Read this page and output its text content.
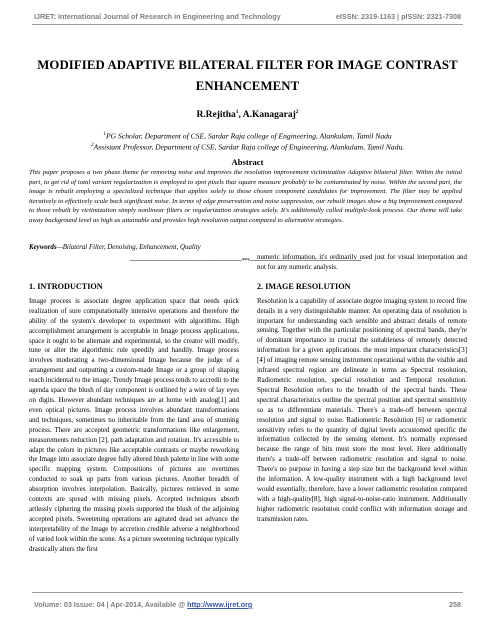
IJRET: International Journal of Research in Engineering and Technology	eISSN: 2319-1163 | pISSN: 2321-7308
MODIFIED ADAPTIVE BILATERAL FILTER FOR IMAGE CONTRAST
ENHANCEMENT
R.Rejitha$^1$, A.Kanagaraj$^2$
$^1$PG Scholar, Department of CSE, Sardar Raja college of Engineering, Alankulam, Tamil Nadu
$^2$Assistant Professor, Department of CSE, Sardar Raja college of Engineering, Alankulam, Tamil Nadu.
Abstract
This paper proposes a two phase theme for removing noise and improves the resolution improvement victimization Adaptive bilateral filter. Within the initial part, to get rid of total variant regularization is employed to spot pixels that square measure probably to be contaminated by noise. Within the second part, the image is rebuilt employing a specialized technique that applies solely to those chosen component candidates for improvement. The filter may be applied iteratively to effectively scale back significant noise. In terms of edge preservation and noise suppression, our rebuilt images show a big improvement compared to those rebuilt by victimization simply nonlinear filters or regularization strategies solely. It's additionally called multiple-look process. Our theme will take away background level as high as attainable and provides high resolution output compared to alternative strategies.
Keywords—Bilateral Filter, Denoising, Enhancement, Quality
----------------------------------------------------------------------***----------------------------------------------------------------------
1. INTRODUCTION
Image process is associate degree application space that needs quick realization of sure computationally intensive operations and therefore the ability of the system's developer to experiment with algorithms. High accomplishment arrangement is acceptable in Image process applications, space it ought to be alternate and experimental, so the creator will modify, tune or alter the algorithmic rule speedily and handily. Image process involves moderating a two-dimensional Image because the judge of a arrangement and outputting a custom-made Image or a group of shaping reach incidental to the image. Trendy Image process tends to accredit to the agenda space the blush of day component is outlined by a wire of lay eyes on digits. However abundant techniques are at home with analog[1] and even optical pictures. Image process involves abundant transformations and techniques, sometimes no inheritable from the land area of stunning process. There are accepted geometric transformations like enlargement, measurements reduction [2], path adaptation and rotation. It's accessible to adapt the colors in pictures like acceptable contrasts or maybe reworking the Image into associate degree fully altered blush palette in line with some specific mapping system. Compositions of pictures are overtimes conducted to soak up parts from various pictures. Another breadth of absorption involves interpolation. Basically, pictures retrieved in some contexts are spread with missing pixels. Accepted techniques absorb artlessly ciphering the missing pixels supported the blush of the adjoining accepted pixels. Sweetening operations are agitated dead set advance the interpretability of the Image by accretion credible adverse a neighborhood of varied look within the scene. As a picture sweetening technique typically drastically alters the first
numeric information, it's ordinarily used just for visual interpretation and not for any numeric analysis.
2. IMAGE RESOLUTION
Resolution is a capability of associate degree imaging system to record fine details in a very distinguishable manner. An operating data of resolution is important for understanding each sensible and abstract details of remote sensing. Together with the particular positioning of spectral bands, they're of dominant importance in crucial the suitableness of remotely detected information for a given applications. the most important characteristics[3][4] of imaging remote sensing instrument operational within the visible and infrared spectral region are delineate in terms as Spectral resolution, Radiometric resolution, special resolution and Temporal resolution. Spectral Resolution refers to the breadth of the spectral bands. These spectral characteristics outline the spectral position and spectral sensitivity so as to differentiate materials. There's a trade-off between spectral resolution and signal to noise. Radiometric Resolution [6] or radiometric sensitivity refers to the quantity of digital levels accustomed specific the information collected by the sensing element. It's normally expressed because the range of bits must store the most level. Here additionally there's a trade-off between radiometric resolution and signal to noise. There's no purpose in having a step size but the background level within the information. A low-quality instrument with a high background level would essentially, therefore, have a lower radiometric resolution compared with a high-quality[8], high signal-to-noise-ratio instrument. Additionally higher radiometric resolution could conflict with information storage and transmission rates.
Volume: 03 Issue: 04 | Apr-2014, Available @ http://www.ijret.org	258
